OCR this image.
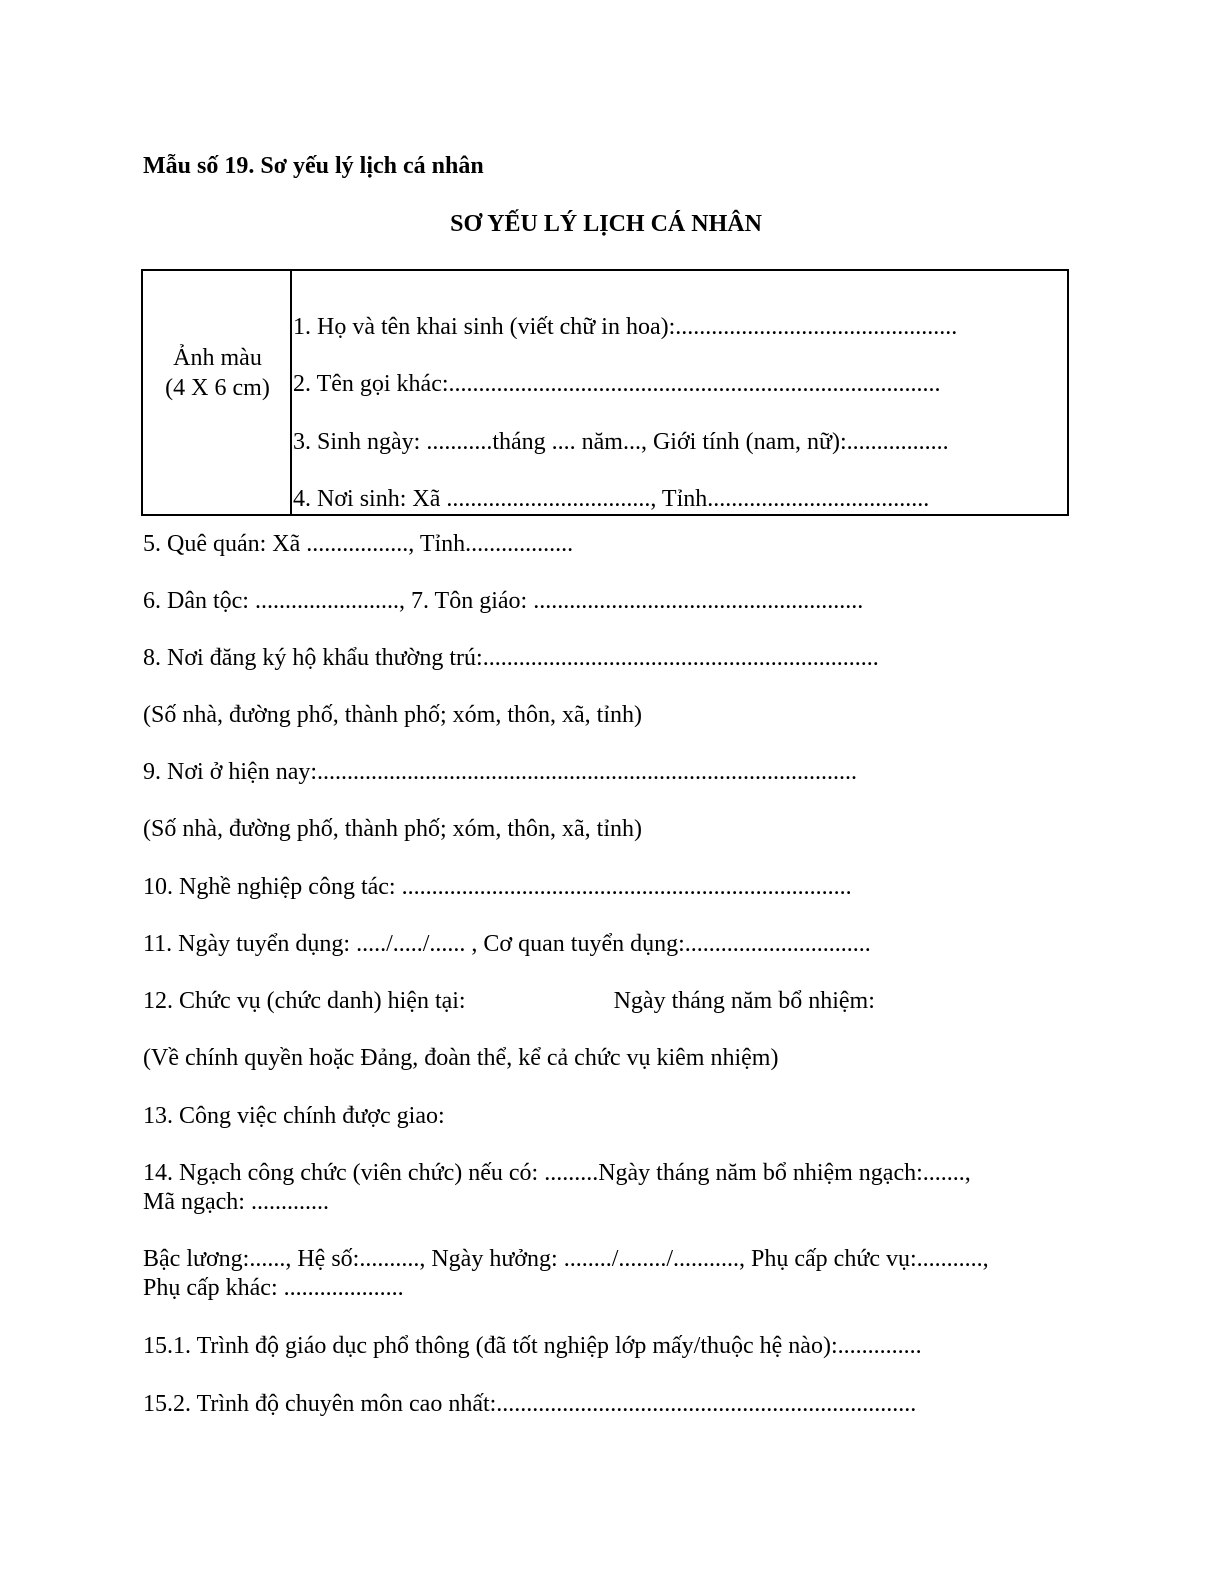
Mẫu số 19. Sơ yếu lý lịch cá nhân
SƠ YẾU LÝ LỊCH CÁ NHÂN
Ảnh màu
(4 X 6 cm)
1. Họ và tên khai sinh (viết chữ in hoa):...............................................
2. Tên gọi khác:..................................................................................
3. Sinh ngày: ...........tháng .... năm..., Giới tính (nam, nữ):.................
4. Nơi sinh: Xã .................................., Tỉnh.....................................
5. Quê quán: Xã ................., Tỉnh..................
6. Dân tộc: ........................, 7. Tôn giáo: .......................................................
8. Nơi đăng ký hộ khẩu thường trú:..................................................................
(Số nhà, đường phố, thành phố; xóm, thôn, xã, tỉnh)
9. Nơi ở hiện nay:..........................................................................................
(Số nhà, đường phố, thành phố; xóm, thôn, xã, tỉnh)
10. Nghề nghiệp công tác: ...........................................................................
11. Ngày tuyển dụng: ...../...../...... , Cơ quan tuyển dụng:...............................
12. Chức vụ (chức danh) hiện tại:	Ngày tháng năm bổ nhiệm:
(Về chính quyền hoặc Đảng, đoàn thể, kể cả chức vụ kiêm nhiệm)
13. Công việc chính được giao:
14. Ngạch công chức (viên chức) nếu có: .........Ngày tháng năm bổ nhiệm ngạch:.......,
Mã ngạch: .............
Bậc lương:......, Hệ số:.........., Ngày hưởng: ......../......../..........., Phụ cấp chức vụ:...........,
Phụ cấp khác: ....................
15.1. Trình độ giáo dục phổ thông (đã tốt nghiệp lớp mấy/thuộc hệ nào):..............
15.2. Trình độ chuyên môn cao nhất:......................................................................
